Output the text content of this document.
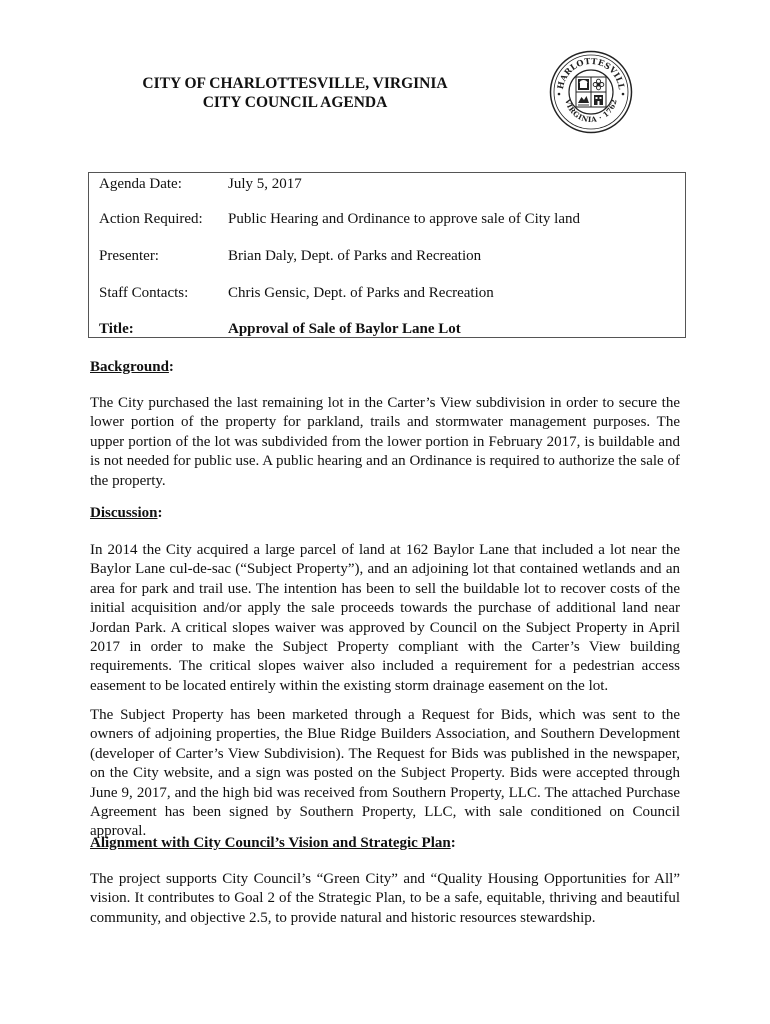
CITY OF CHARLOTTESVILLE, VIRGINIA
CITY COUNCIL AGENDA
HARLOTTESVILL
VIRGINIA · 1762
Agenda Date:	July 5, 2017
Action Required: Public Hearing and Ordinance to approve sale of City land
Presenter:	Brian Daly, Dept. of Parks and Recreation
Staff Contacts:	Chris Gensic, Dept. of Parks and Recreation
Title:	Approval of Sale of Baylor Lane Lot
Background:
The City purchased the last remaining lot in the Carter’s View subdivision in order to secure the lower portion of the property for parkland, trails and stormwater management purposes. The upper portion of the lot was subdivided from the lower portion in February 2017, is buildable and is not needed for public use. A public hearing and an Ordinance is required to authorize the sale of the property.
Discussion:
In 2014 the City acquired a large parcel of land at 162 Baylor Lane that included a lot near the Baylor Lane cul-de-sac (“Subject Property”), and an adjoining lot that contained wetlands and an area for park and trail use. The intention has been to sell the buildable lot to recover costs of the initial acquisition and/or apply the sale proceeds towards the purchase of additional land near Jordan Park. A critical slopes waiver was approved by Council on the Subject Property in April 2017 in order to make the Subject Property compliant with the Carter’s View building requirements. The critical slopes waiver also included a requirement for a pedestrian access easement to be located entirely within the existing storm drainage easement on the lot.
The Subject Property has been marketed through a Request for Bids, which was sent to the owners of adjoining properties, the Blue Ridge Builders Association, and Southern Development (developer of Carter’s View Subdivision). The Request for Bids was published in the newspaper, on the City website, and a sign was posted on the Subject Property. Bids were accepted through June 9, 2017, and the high bid was received from Southern Property, LLC. The attached Purchase Agreement has been signed by Southern Property, LLC, with sale conditioned on Council approval.
Alignment with City Council’s Vision and Strategic Plan:
The project supports City Council’s “Green City” and “Quality Housing Opportunities for All” vision. It contributes to Goal 2 of the Strategic Plan, to be a safe, equitable, thriving and beautiful community, and objective 2.5, to provide natural and historic resources stewardship.
